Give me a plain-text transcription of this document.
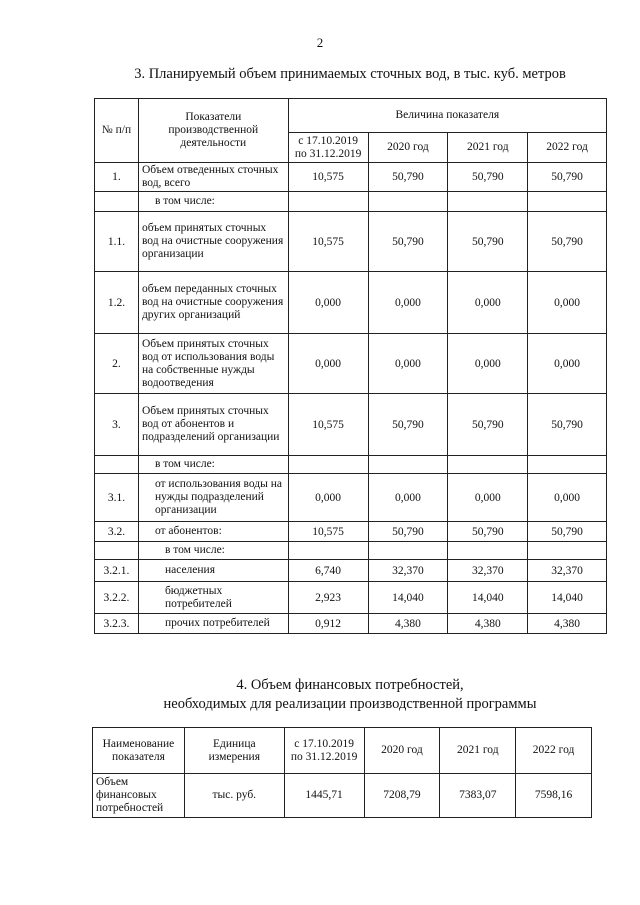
2
3. Планируемый объем принимаемых сточных вод, в тыс. куб. метров
№ п/п	Показатели производственной деятельности	Величина показателя			
		с 17.10.2019 по 31.12.2019	2020 год	2021 год	2022 год
1.	Объем отведенных сточных вод, всего	10,575	50,790	50,790	50,790
	в том числе:				
1.1.	объем принятых сточных вод на очистные сооружения организации	10,575	50,790	50,790	50,790
1.2.	объем переданных сточных вод на очистные сооружения других организаций	0,000	0,000	0,000	0,000
2.	Объем принятых сточных вод от использования воды на собственные нужды водоотведения	0,000	0,000	0,000	0,000
3.	Объем принятых сточных вод от абонентов и подразделений организации	10,575	50,790	50,790	50,790
	в том числе:				
3.1.	от использования воды на нужды подразделений организации	0,000	0,000	0,000	0,000
3.2.	от абонентов:	10,575	50,790	50,790	50,790
	в том числе:				
3.2.1.	населения	6,740	32,370	32,370	32,370
3.2.2.	бюджетных потребителей	2,923	14,040	14,040	14,040
3.2.3.	прочих потребителей	0,912	4,380	4,380	4,380
4. Объем финансовых потребностей,
необходимых для реализации производственной программы
Наименование показателя	Единица измерения	с 17.10.2019 по 31.12.2019	2020 год	2021 год	2022 год
Объем финансовых потребностей	тыс. руб.	1445,71	7208,79	7383,07	7598,16
